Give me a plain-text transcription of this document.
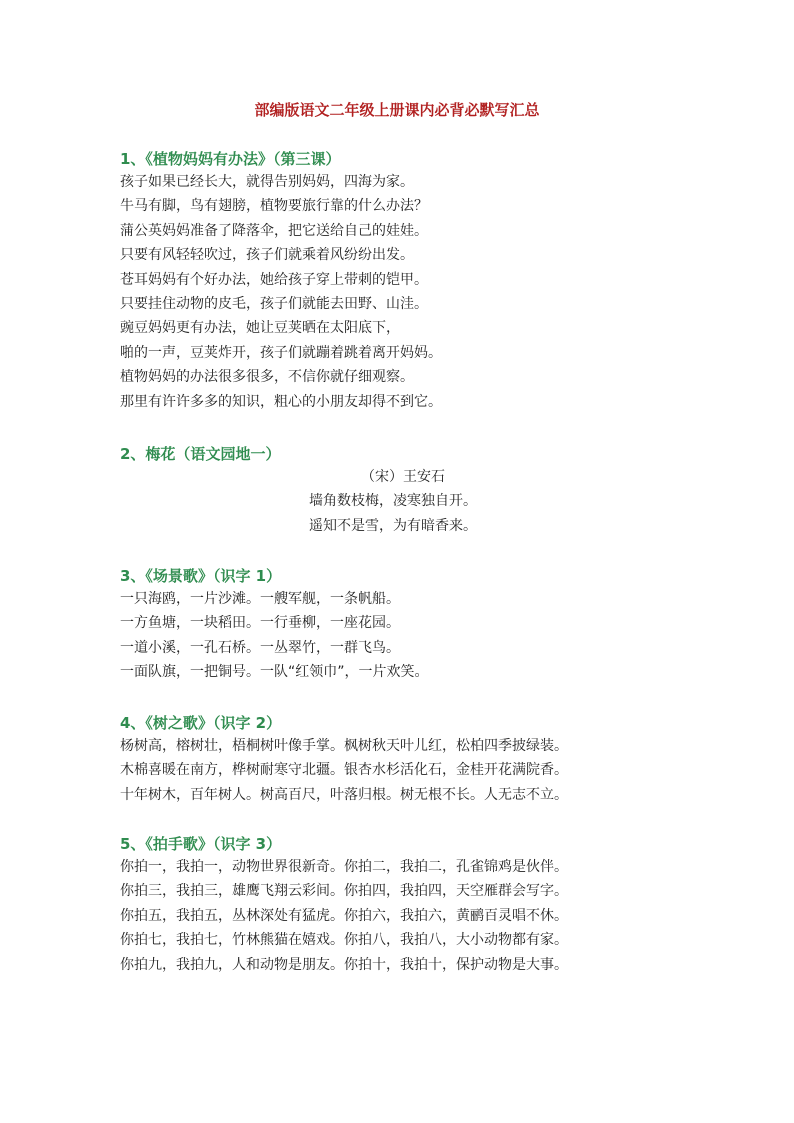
部编版语文二年级上册课内必背必默写汇总
1、《植物妈妈有办法》（第三课）
孩子如果已经长大，就得告别妈妈，四海为家。
牛马有脚，鸟有翅膀，植物要旅行靠的什么办法？
蒲公英妈妈准备了降落伞，把它送给自己的娃娃。
只要有风轻轻吹过，孩子们就乘着风纷纷出发。
苍耳妈妈有个好办法，她给孩子穿上带刺的铠甲。
只要挂住动物的皮毛，孩子们就能去田野、山洼。
豌豆妈妈更有办法，她让豆荚晒在太阳底下，
啪的一声，豆荚炸开，孩子们就蹦着跳着离开妈妈。
植物妈妈的办法很多很多，不信你就仔细观察。
那里有许许多多的知识，粗心的小朋友却得不到它。
2、梅花（语文园地一）
（宋）王安石
墙角数枝梅，凌寒独自开。
遥知不是雪，为有暗香来。
3、《场景歌》（识字 1）
一只海鸥，一片沙滩。一艘军舰，一条帆船。
一方鱼塘，一块稻田。一行垂柳，一座花园。
一道小溪，一孔石桥。一丛翠竹，一群飞鸟。
一面队旗，一把铜号。一队“红领巾”，一片欢笑。
4、《树之歌》（识字 2）
杨树高，榕树壮，梧桐树叶像手掌。枫树秋天叶儿红，松柏四季披绿装。
木棉喜暖在南方，桦树耐寒守北疆。银杏水杉活化石，金桂开花满院香。
十年树木，百年树人。树高百尺，叶落归根。树无根不长。人无志不立。
5、《拍手歌》（识字 3）
你拍一，我拍一，动物世界很新奇。你拍二，我拍二，孔雀锦鸡是伙伴。
你拍三，我拍三，雄鹰飞翔云彩间。你拍四，我拍四，天空雁群会写字。
你拍五，我拍五，丛林深处有猛虎。你拍六，我拍六，黄鹂百灵唱不休。
你拍七，我拍七，竹林熊猫在嬉戏。你拍八，我拍八，大小动物都有家。
你拍九，我拍九，人和动物是朋友。你拍十，我拍十，保护动物是大事。
